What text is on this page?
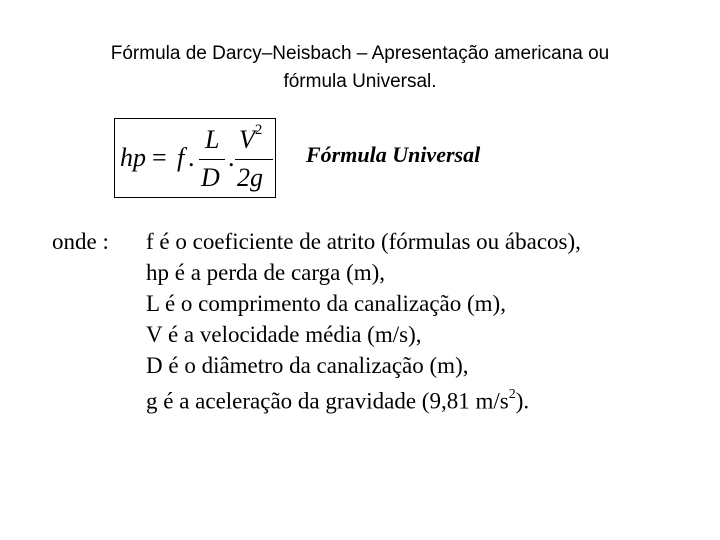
Fórmula de Darcy–Neisbach – Apresentação americana ou
fórmula Universal.
hp = f .
L
D
.
$V^2$
2g
Fórmula Universal
onde : f é o coeficiente de atrito (fórmulas ou ábacos),
hp é a perda de carga (m),
L é o comprimento da canalização (m),
V é a velocidade média (m/s),
D é o diâmetro da canalização (m),
g é a aceleração da gravidade (9,81 $m/s^2$).
